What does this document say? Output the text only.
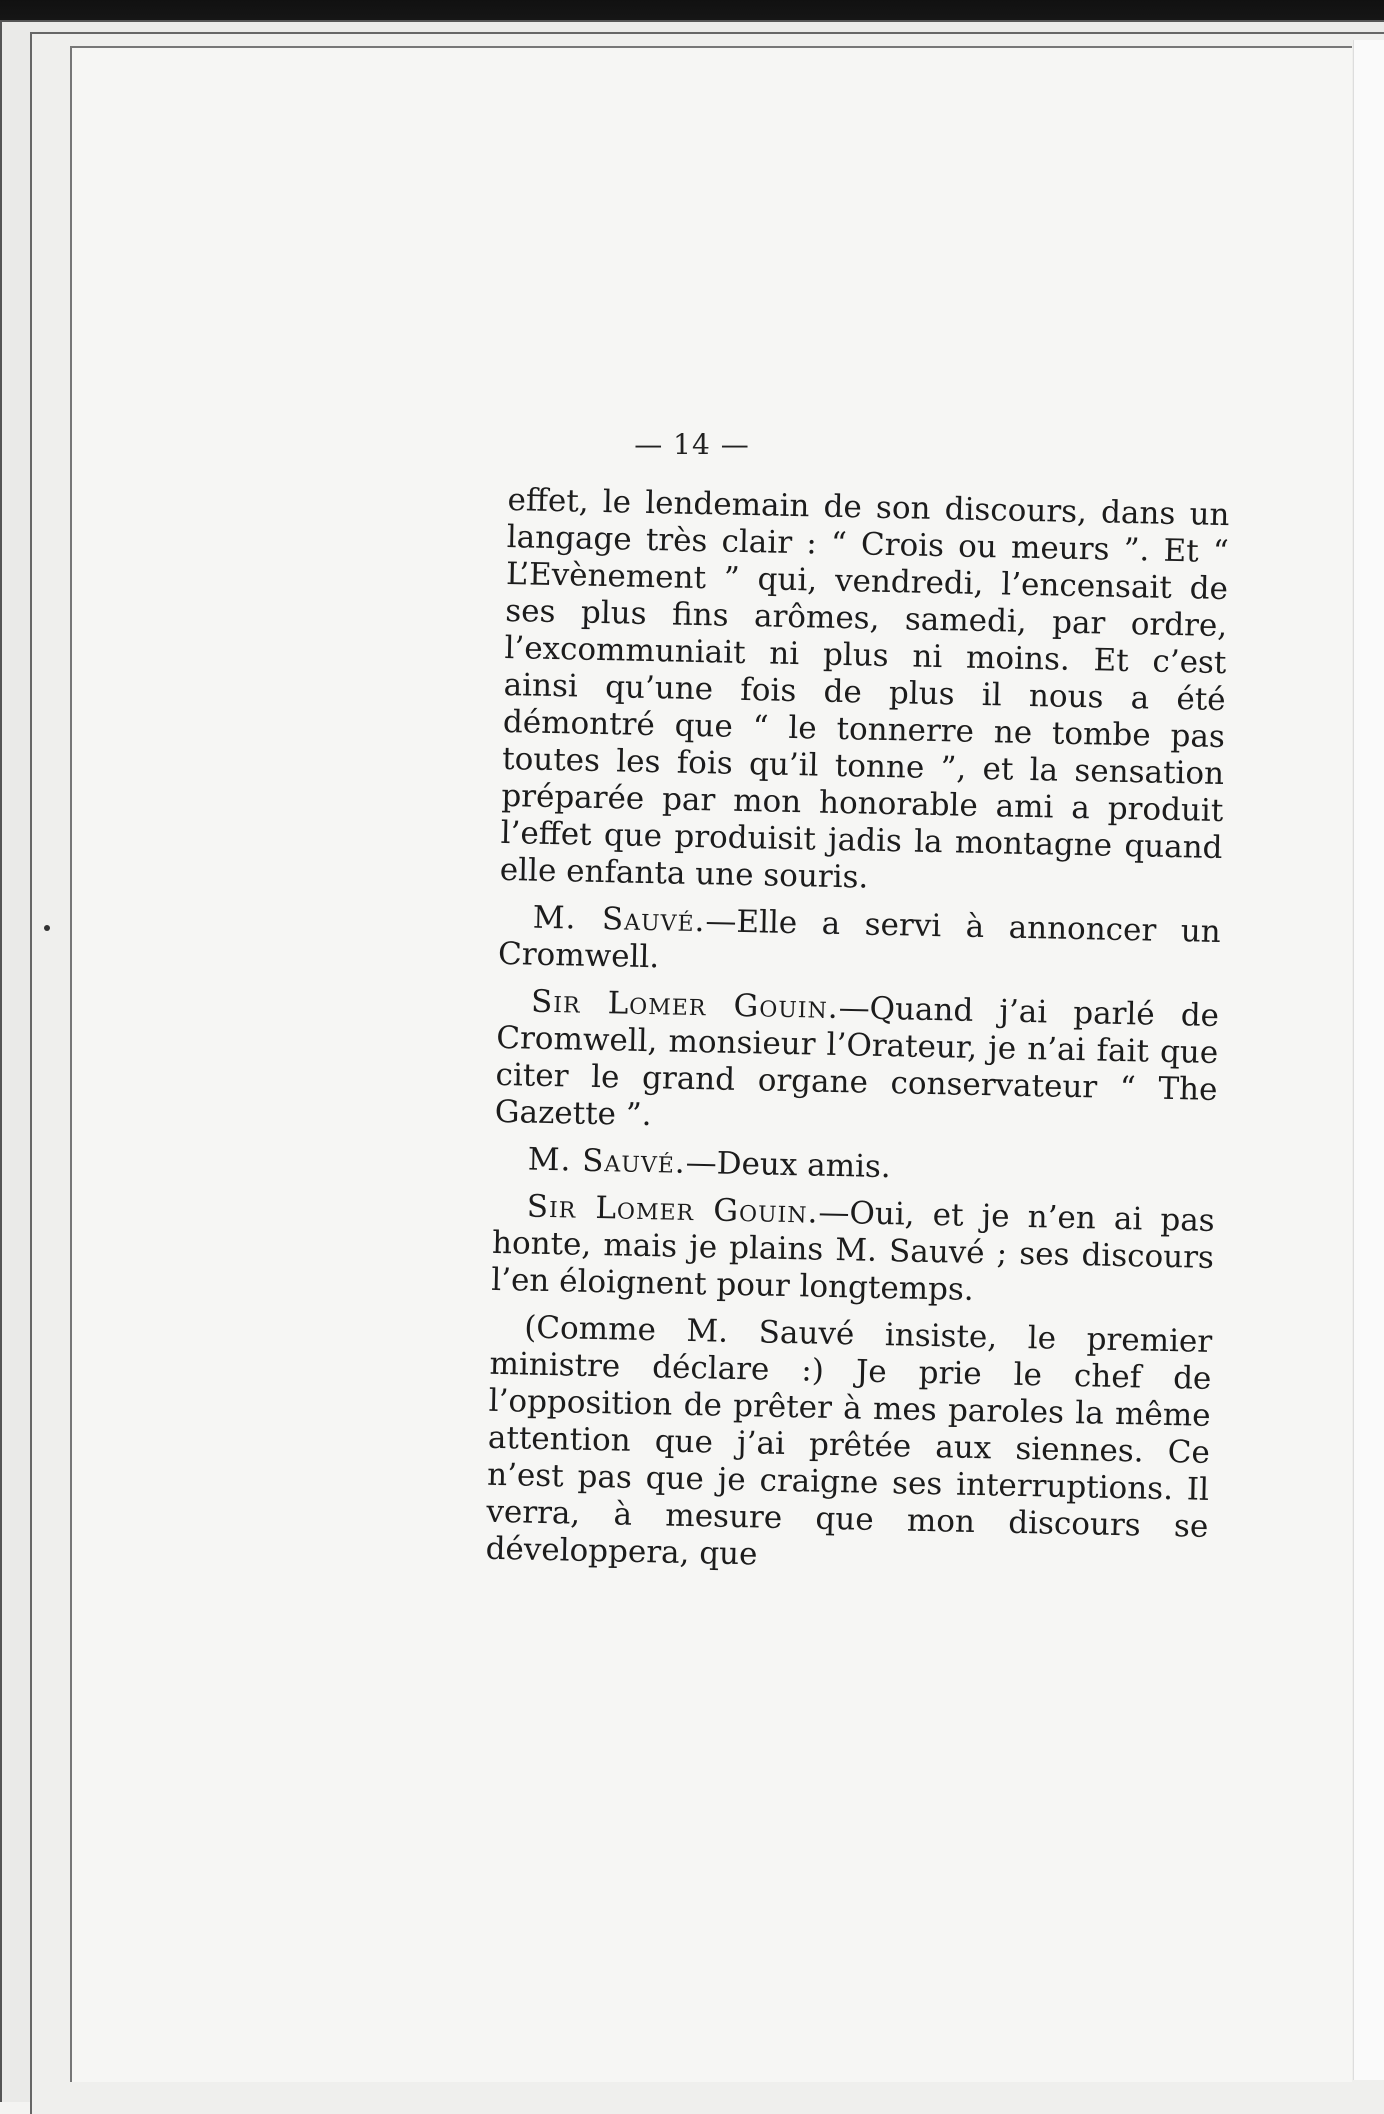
— 14 —

effet, le lendemain de son discours, dans un langage très clair : “ Crois ou meurs ”. Et “ L’Evènement ” qui, vendredi, l’encensait de ses plus fins arômes, samedi, par ordre, l’excommuniait ni plus ni moins. Et c’est ainsi qu’une fois de plus il nous a été démontré que “ le tonnerre ne tombe pas toutes les fois qu’il tonne ”, et la sensation préparée par mon honorable ami a produit l’effet que produisit jadis la montagne quand elle enfanta une souris.

M. Sauvé.—Elle a servi à annoncer un Cromwell.

Sir Lomer Gouin.—Quand j’ai parlé de Cromwell, monsieur l’Orateur, je n’ai fait que citer le grand organe conservateur “ The Gazette ”.

M. Sauvé.—Deux amis.

Sir Lomer Gouin.—Oui, et je n’en ai pas honte, mais je plains M. Sauvé ; ses discours l’en éloignent pour longtemps.

(Comme M. Sauvé insiste, le premier ministre déclare :) Je prie le chef de l’opposition de prêter à mes paroles la même attention que j’ai prêtée aux siennes. Ce n’est pas que je craigne ses interruptions. Il verra, à mesure que mon discours se développera, que
